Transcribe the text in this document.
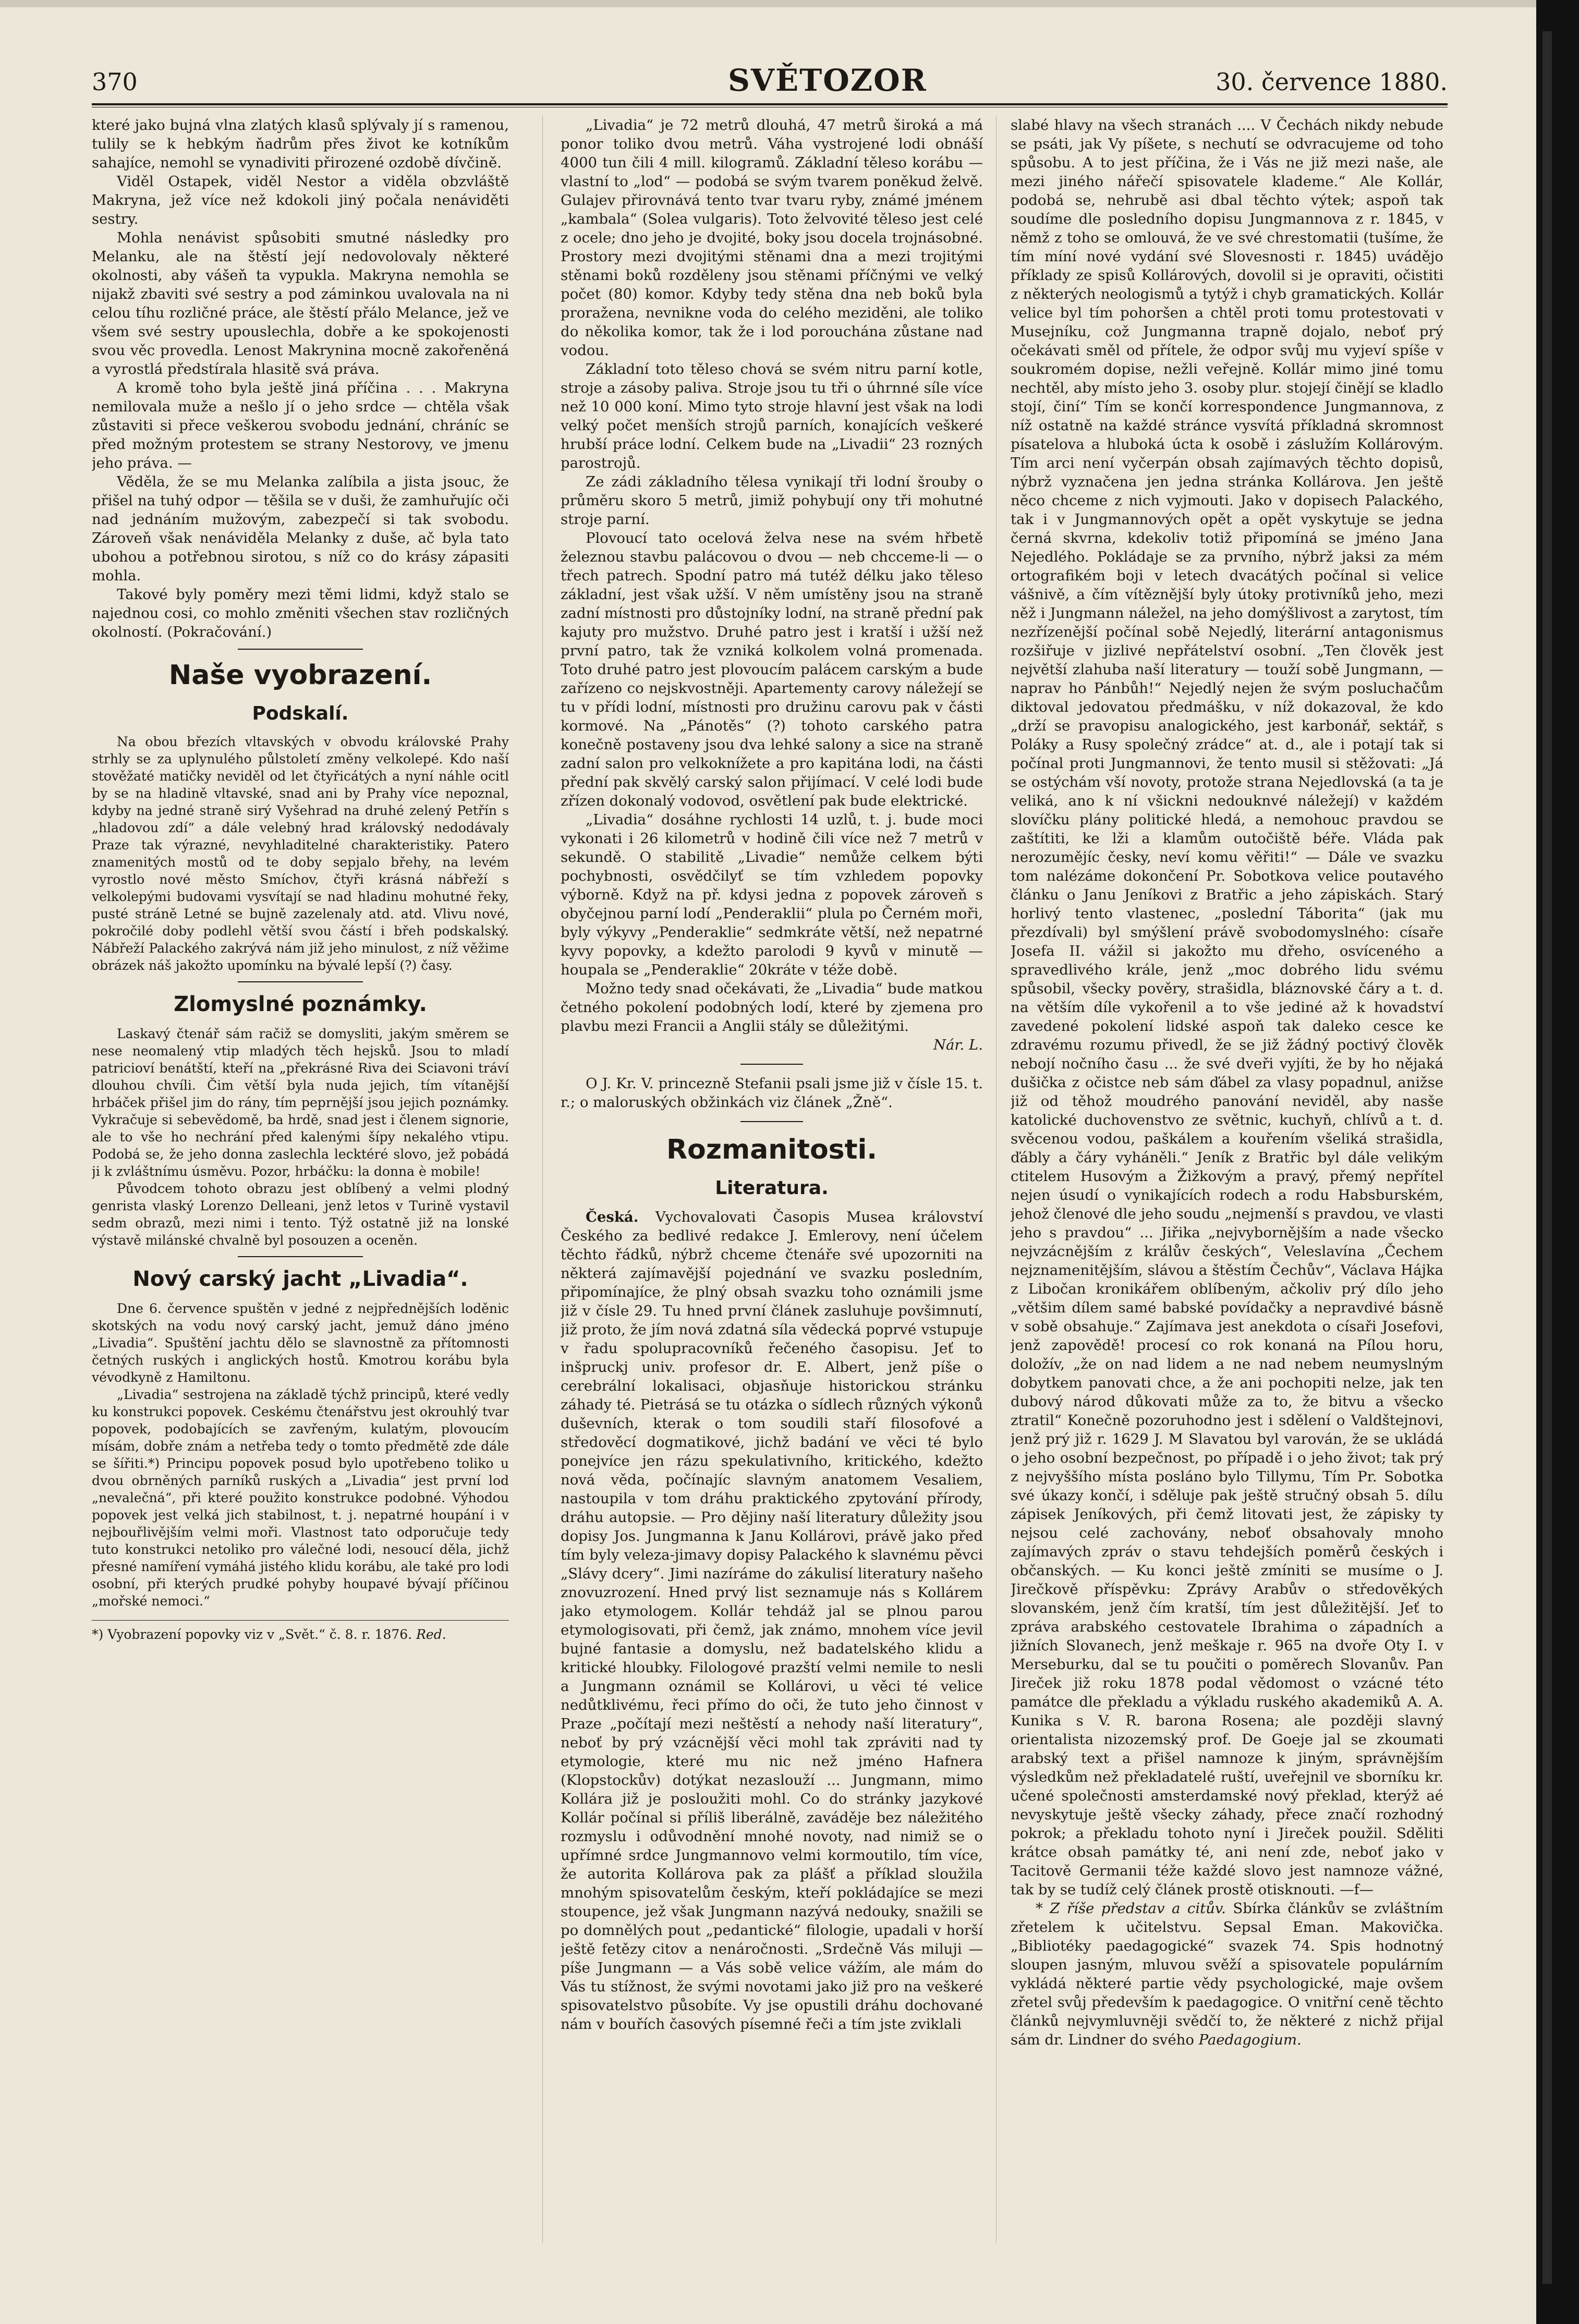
370	SVĚTOZOR	30. července 1880.

které jako bujná vlna zlatých klasů splývaly jí s ramenou, tulily se k hebkým ňadrům přes život ke kotníkům sahajíce, nemohl se vynadiviti přirozené ozdobě dívčině.

Viděl Ostapek, viděl Nestor a viděla obzvláště Makryna, jež více než kdokoli jiný počala nenáviděti sestry.

Mohla nenávist spůsobiti smutné následky pro Melanku, ale na štěstí její nedovolovaly některé okolnosti, aby vášeň ta vypukla. Makryna nemohla se nijakž zbaviti své sestry a pod záminkou uvalovala na ni celou tíhu rozličné práce, ale štěstí přálo Melance, jež ve všem své sestry upouslechla, dobře a ke spokojenosti svou věc provedla. Lenost Makrynina mocně zakořeněná a vyrostlá předstírala hlasitě svá práva.

A kromě toho byla ještě jiná příčina . . . Makryna nemilovala muže a nešlo jí o jeho srdce — chtěla však zůstaviti si přece veškerou svobodu jednání, chráníc se před možným protestem se strany Nestorovy, ve jmenu jeho práva. —

Věděla, že se mu Melanka zalíbila a jista jsouc, že přišel na tuhý odpor — těšila se v duši, že zamhuřujíc oči nad jednáním mužovým, zabezpečí si tak svobodu. Zároveň však nenáviděla Melanky z duše, ač byla tato ubohou a potřebnou sirotou, s níž co do krásy zápasiti mohla.

Takové byly poměry mezi těmi lidmi, když stalo se najednou cosi, co mohlo změniti všechen stav rozličných okolností. (Pokračování.)

Naše vyobrazení.
Podskalí.

Na obou březích vltavských v obvodu královské Prahy strhly se za uplynulého půlstoletí změny velkolepé. Kdo naší stověžaté matičky neviděl od let čtyřicátých a nyní náhle ocitl by se na hladině vltavské, snad ani by Prahy více nepoznal, kdyby na jedné straně sirý Vyšehrad na druhé zelený Petřín s „hladovou zdí“ a dále velebný hrad královský nedodávaly Praze tak výrazné, nevyhladitelné charakteristiky. Patero znamenitých mostů od te doby sepjalo břehy, na levém vyrostlo nové město Smíchov, čtyři krásná nábřeží s velkolepými budovami vysvítají se nad hladinu mohutné řeky, pusté stráně Letné se bujně zazelenaly atd. atd. Vlivu nové, pokročilé doby podlehl větší svou částí i břeh podskalský. Nábřeží Palackého zakrývá nám již jeho minulost, z níž věžime obrázek náš jakožto upomínku na bývalé lepší (?) časy.

Zlomyslné poznámky.

Laskavý čtenář sám račiž se domysliti, jakým směrem se nese neomalený vtip mladých těch hejsků. Jsou to mladí patricioví benátští, kteří na „překrásné Riva dei Sciavoni tráví dlouhou chvíli. Čim větší byla nuda jejich, tím vítanější hrbáček přišel jim do rány, tím peprnější jsou jejich poznámky. Vykračuje si sebevědomě, ba hrdě, snad jest i členem signorie, ale to vše ho nechrání před kalenými šípy nekalého vtipu. Podobá se, že jeho donna zaslechla lecktéré slovo, jež pobádá ji k zvláštnímu úsměvu. Pozor, hrbáčku: la donna è mobile!

Původcem tohoto obrazu jest oblíbený a velmi plodný genrista vlaský Lorenzo Delleani, jenž letos v Turině vystavil sedm obrazů, mezi nimi i tento. Týž ostatně již na lonské výstavě milánské chvalně byl posouzen a oceněn.

Nový carský jacht „Livadia“.

Dne 6. července spuštěn v jedné z nejpřednějších loděnic skotských na vodu nový carský jacht, jemuž dáno jméno „Livadia“. Spuštění jachtu dělo se slavnostně za přítomnosti četných ruských i anglických hostů. Kmotrou korábu byla vévodkyně z Hamiltonu.

„Livadia“ sestrojena na základě týchž principů, které vedly ku konstrukci popovek. Ceskému čtenářstvu jest okrouhlý tvar popovek, podobajících se zavřeným, kulatým, plovoucím mísám, dobře znám a netřeba tedy o tomto předmětě zde dále se šířiti.*) Principu popovek posud bylo upotřebeno toliko u dvou obrněných parníků ruských a „Livadia“ jest první lod „nevalečná“, při které použito konstrukce podobné. Výhodou popovek jest velká jich stabilnost, t. j. nepatrné houpání i v nejbouřlivějším velmi moři. Vlastnost tato odporučuje tedy tuto konstrukci netoliko pro válečné lodi, nesoucí děla, jichž přesné namíření vymáhá jistého klidu korábu, ale také pro lodi osobní, při kterých prudké pohyby houpavé bývají příčinou „mořské nemoci.“

*) Vyobrazení popovky viz v „Svět.“ č. 8. r. 1876. Red.

„Livadia“ je 72 metrů dlouhá, 47 metrů široká a má ponor toliko dvou metrů. Váha vystrojené lodi obnáší 4000 tun čili 4 mill. kilogramů. Základní těleso korábu — vlastní to „lod“ — podobá se svým tvarem poněkud želvě. Gulajev přirovnává tento tvar tvaru ryby, známé jménem „kambala“ (Solea vulgaris). Toto želvovité těleso jest celé z ocele; dno jeho je dvojité, boky jsou docela trojnásobné. Prostory mezi dvojitými stěnami dna a mezi trojitými stěnami boků rozděleny jsou stěnami příčnými ve velký počet (80) komor. Kdyby tedy stěna dna neb boků byla proražena, nevnikne voda do celého meziděni, ale toliko do několika komor, tak že i lod porouchána zůstane nad vodou.

Základní toto těleso chová se svém nitru parní kotle, stroje a zásoby paliva. Stroje jsou tu tři o úhrnné síle více než 10 000 koní. Mimo tyto stroje hlavní jest však na lodi velký počet menších strojů parních, konajících veškeré hrubší práce lodní. Celkem bude na „Livadii“ 23 rozných parostrojů.

Ze zádi základního tělesa vynikají tři lodní šrouby o průměru skoro 5 metrů, jimiž pohybují ony tři mohutné stroje parní.

Plovoucí tato ocelová želva nese na svém hřbetě železnou stavbu palácovou o dvou — neb chcceme-li — o třech patrech. Spodní patro má tutéž délku jako těleso základní, jest však užší. V něm umístěny jsou na straně zadní místnosti pro důstojníky lodní, na straně přední pak kajuty pro mužstvo. Druhé patro jest i kratší i užší než první patro, tak že vzniká kolkolem volná promenada. Toto druhé patro jest plovoucím palácem carským a bude zařízeno co nejskvostněji. Apartementy carovy náležejí se tu v přídi lodní, místnosti pro družinu carovu pak v části kormové. Na „Pánotěs“ (?) tohoto carského patra konečně postaveny jsou dva lehké salony a sice na straně zadní salon pro velkoknížete a pro kapitána lodi, na části přední pak skvělý carský salon přijímací. V celé lodi bude zřízen dokonalý vodovod, osvětlení pak bude elektrické.

„Livadia“ dosáhne rychlosti 14 uzlů, t. j. bude moci vykonati i 26 kilometrů v hodině čili více než 7 metrů v sekundě. O stabilitě „Livadie“ nemůže celkem býti pochybnosti, osvědčilyť se tím vzhledem popovky výborně. Když na př. kdysi jedna z popovek zároveň s obyčejnou parní lodí „Penderaklii“ plula po Černém moři, byly výkyvy „Penderaklie“ sedmkráte větší, než nepatrné kyvy popovky, a kdežto parolodi 9 kyvů v minutě — houpala se „Penderaklie“ 20kráte v téže době.

Možno tedy snad očekávati, že „Livadia“ bude matkou četného pokolení podobných lodí, které by zjemena pro plavbu mezi Francii a Anglii stály se důležitými.

Nár. L.

O J. Kr. V. princezně Stefanii psali jsme již v čísle 15. t. r.; o maloruských obžinkách viz článek „Žně“.

Rozmanitosti.
Literatura.

Česká. Vychovalovati Časopis Musea království Českého za bedlivé redakce J. Emlerovy, není účelem těchto řádků, nýbrž chceme čtenáře své upozorniti na některá zajímavější pojednání ve svazku posledním, připomínajíce, že plný obsah svazku toho oznámili jsme již v čísle 29. Tu hned první článek zasluhuje povšimnutí, již proto, že jím nová zdatná síla vědecká poprvé vstupuje v řadu spolupracovníků řečeného časopisu. Jeť to inšpruckj univ. profesor dr. E. Albert, jenž píše o cerebrální lokalisaci, objasňuje historickou stránku záhady té. Pietrásá se tu otázka o sídlech různých výkonů duševních, kterak o tom soudili staří filosofové a středověcí dogmatikové, jichž badání ve věci té bylo ponejvíce jen rázu spekulativního, kritického, kdežto nová věda, počínajíc slavným anatomem Vesaliem, nastoupila v tom dráhu praktického zpytování přírody, dráhu autopsie. — Pro dějiny naší literatury důležity jsou dopisy Jos. Jungmanna k Janu Kollárovi, právě jako před tím byly veleza-jimavy dopisy Palackého k slavnému pěvci „Slávy dcery“. Jimi nazíráme do zákulisí literatury našeho znovuzrození. Hned prvý list seznamuje nás s Kollárem jako etymologem. Kollár tehdáž jal se plnou parou etymologisovati, při čemž, jak známo, mnohem více jevil bujné fantasie a domyslu, než badatelského klidu a kritické hloubky. Filologové prazští velmi nemile to nesli a Jungmann oznámil se Kollárovi, u věci té velice nedůtklivému, řeci přímo do oči, že tuto jeho činnost v Praze „počítají mezi neštěstí a nehody naší literatury“, neboť by prý vzácnější věci mohl tak zpráviti nad ty etymologie, které mu nic než jméno Hafnera (Klopstockův) dotýkat nezaslouží ... Jungmann, mimo Kollára již je posloužiti mohl. Co do stránky jazykové Kollár počínal si příliš liberálně, zaváděje bez náležitého rozmyslu i odůvodnění mnohé novoty, nad nimiž se o upřímné srdce Jungmannovo velmi kormoutilo, tím více, že autorita Kollárova pak za plášť a příklad sloužila mnohým spisovatelům českým, kteří pokládajíce se mezi stoupence, jež však Jungmann nazývá nedouky, snažili se po domnělých pout „pedantické“ filologie, upadali v horší ještě fetězy citov a nenáročnosti. „Srdečně Vás miluji — píše Jungmann — a Vás sobě velice vážím, ale mám do Vás tu stížnost, že svými novotami jako již pro na veškeré spisovatelstvo působíte. Vy jse opustili dráhu dochované nám v bouřích časových písemné řeči a tím jste zviklali

slabé hlavy na všech stranách .... V Čechách nikdy nebude se psáti, jak Vy píšete, s nechutí se odvracujeme od toho spůsobu. A to jest příčina, že i Vás ne již mezi naše, ale mezi jiného nářečí spisovatele klademe.“ Ale Kollár, podobá se, nehrubě asi dbal těchto výtek; aspoň tak soudíme dle posledního dopisu Jungmannova z r. 1845, v němž z toho se omlouvá, že ve své chrestomatii (tušíme, že tím míní nové vydání své Slovesnosti r. 1845) uvádějo příklady ze spisů Kollárových, dovolil si je opraviti, očistiti z některých neologismů a tytýž i chyb gramatických. Kollár velice byl tím pohoršen a chtěl proti tomu protestovati v Musejníku, což Jungmanna trapně dojalo, neboť prý očekávati směl od přítele, že odpor svůj mu vyjeví spíše v soukromém dopise, nežli veřejně. Kollár mimo jiné tomu nechtěl, aby místo jeho 3. osoby plur. stojejí činějí se kladlo stojí, činí“ Tím se končí korrespondence Jungmannova, z níž ostatně na každé stránce vysvítá příkladná skromnost písatelova a hluboká úcta k osobě i záslužím Kollárovým. Tím arci není vyčerpán obsah zajímavých těchto dopisů, nýbrž vyznačena jen jedna stránka Kollárova. Jen ještě něco chceme z nich vyjmouti. Jako v dopisech Palackého, tak i v Jungmannových opět a opět vyskytuje se jedna černá skvrna, kdekoliv totiž připomíná se jméno Jana Nejedlého. Pokládaje se za prvního, nýbrž jaksi za mém ortografikém boji v letech dvacátých počínal si velice vášnivě, a čím vítěznější byly útoky protivníků jeho, mezi něž i Jungmann náležel, na jeho domýšlivost a zarytost, tím nezřízenější počínal sobě Nejedlý, literární antagonismus rozšiřuje v jizlivé nepřátelství osobní. „Ten člověk jest největší zlahuba naší literatury — touží sobě Jungmann, — naprav ho Pánbůh!“ Nejedlý nejen že svým posluchačům diktoval jedovatou předmášku, v níž dokazoval, že kdo „drží se pravopisu analogického, jest karbonář, sektář, s Poláky a Rusy společný zrádce“ at. d., ale i potají tak si počínal proti Jungmannovi, že tento musil si stěžovati: „Já se ostýchám vší novoty, protože strana Nejedlovská (a ta je veliká, ano k ní všickni nedouknvé náležejí) v každém slovíčku plány politické hledá, a nemohouc pravdou se zaštítiti, ke lži a klamům outočiště béře. Vláda pak nerozumějíc česky, neví komu věřiti!“ — Dále ve svazku tom nalézáme dokončení Pr. Sobotkova velice poutavého článku o Janu Jeníkovi z Bratřic a jeho zápiskách. Starý horlivý tento vlastenec, „poslední Táborita“ (jak mu přezdívali) byl smýšlení právě svobodomyslného: císaře Josefa II. vážil si jakožto mu dřeho, osvíceného a spravedlivého krále, jenž „moc dobrého lidu svému spůsobil, všecky pověry, strašidla, bláznovské čáry a t. d. na větším díle vykořenil a to vše jediné až k hovadství zavedené pokolení lidské aspoň tak daleko cesce ke zdravému rozumu přivedl, že se již žádný poctivý člověk nebojí nočního času ... že své dveři vyjíti, že by ho nějaká dušička z očistce neb sám ďábel za vlasy popadnul, anižse již od těhož moudrého panování neviděl, aby nasše katolické duchovenstvo ze světnic, kuchyň, chlívů a t. d. svěcenou vodou, paškálem a kouřením všeliká strašidla, ďábly a čáry vyháněli.“ Jeník z Bratřic byl dále velikým ctitelem Husovým a Žižkovým a pravý, přemý nepřítel nejen úsudí o vynikajících rodech a rodu Habsburském, jehož členové dle jeho soudu „nejmenší s pravdou, ve vlasti jeho s pravdou“ ... Jiřika „nejvybornějším a nade všecko nejvzácnějším z králův českých“, Veleslavína „Čechem nejznamenitějším, slávou a štěstím Čechův“, Václava Hájka z Libočan kronikářem oblíbeným, ačkoliv prý dílo jeho „většim dílem samé babské povídačky a nepravdivé básně v sobě obsahuje.“ Zajímava jest anekdota o císaři Josefovi, jenž zapovědě! procesí co rok konaná na Pílou horu, doložív, „že on nad lidem a ne nad nebem neumyslným dobytkem panovati chce, a že ani pochopiti nelze, jak ten dubový národ důkovati může za to, že bitvu a všecko ztratil“ Konečně pozoruhodno jest i sdělení o Valdštejnovi, jenž prý již r. 1629 J. M Slavatou byl varován, že se ukládá o jeho osobní bezpečnost, po případě i o jeho život; tak prý z nejvyššího místa posláno bylo Tillymu, Tím Pr. Sobotka své úkazy končí, i sděluje pak ještě stručný obsah 5. dílu zápisek Jeníkových, při čemž litovati jest, že zápisky ty nejsou celé zachovány, neboť obsahovaly mnoho zajímavých zpráv o stavu tehdejších poměrů českých i občanských. — Ku konci ještě zmíniti se musíme o J. Jirečkově příspěvku: Zprávy Arabův o středověkých slovanském, jenž čím kratší, tím jest důležitější. Jeť to zpráva arabského cestovatele Ibrahima o západních a jižních Slovanech, jenž meškaje r. 965 na dvoře Oty I. v Merseburku, dal se tu poučiti o poměrech Slovanův. Pan Jireček již roku 1878 podal vědomost o vzácné této památce dle překladu a výkladu ruského akademiků A. A. Kunika s V. R. barona Rosena; ale později slavný orientalista nizozemský prof. De Goeje jal se zkoumati arabský text a přišel namnoze k jiným, správnějším výsledkům než překladatelé ruští, uveřejnil ve sborníku kr. učené společnosti amsterdamské nový překlad, kterýž aé nevyskytuje ještě všecky záhady, přece značí rozhodný pokrok; a překladu tohoto nyní i Jireček použil. Sděliti krátce obsah památky té, ani není zde, neboť jako v Tacitově Germanii téže každé slovo jest namnoze vážné, tak by se tudíž celý článek prostě otisknouti. —f—

* Z říše představ a citův. Sbírka článkův se zvláštním zřetelem k učitelstvu. Sepsal Eman. Makovička. „Bibliotéky paedagogické“ svazek 74. Spis hodnotný sloupen jasným, mluvou svěží a spisovatele populárním vykládá některé partie vědy psychologické, maje ovšem zřetel svůj především k paedagogice. O vnitřní ceně těchto článků nejvymluvněji svědčí to, že některé z nichž přijal sám dr. Lindner do svého Paedagogium.
